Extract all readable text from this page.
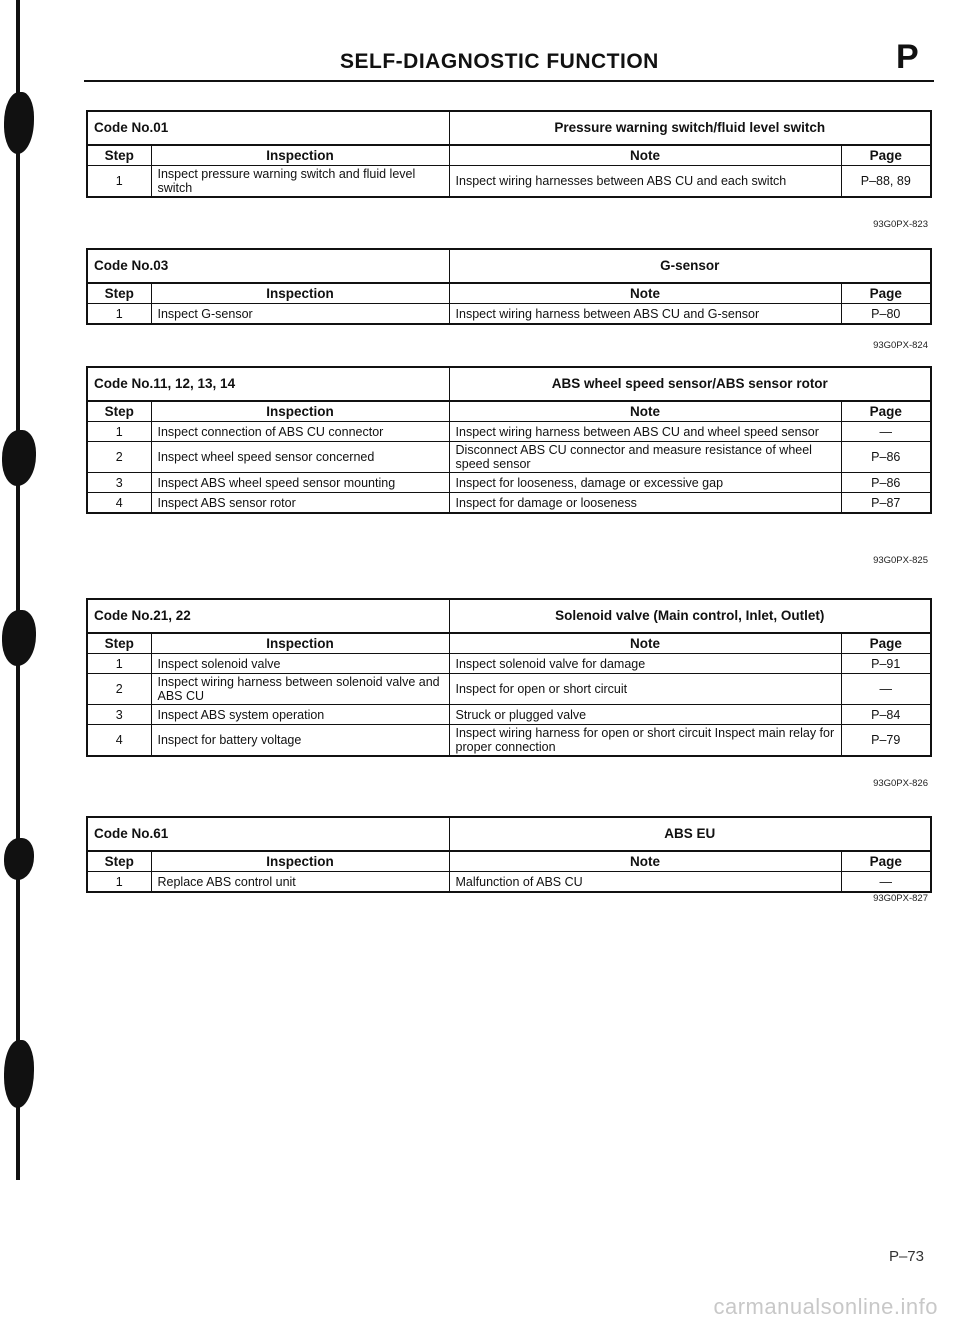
SELF-DIAGNOSTIC FUNCTION	P
Code No.01		Pressure warning switch/fluid level switch	
Step	Inspection	Note	Page
1	Inspect pressure warning switch and fluid level switch	Inspect wiring harnesses between ABS CU and each switch	P–88, 89
93G0PX-823
Code No.03		G-sensor	
Step	Inspection	Note	Page
1	Inspect G-sensor	Inspect wiring harness between ABS CU and G-sensor	P–80
93G0PX-824
Code No.11, 12, 13, 14		ABS wheel speed sensor/ABS sensor rotor	
Step	Inspection	Note	Page
1	Inspect connection of ABS CU connector	Inspect wiring harness between ABS CU and wheel speed sensor	—
2	Inspect wheel speed sensor concerned	Disconnect ABS CU connector and measure resistance of wheel speed sensor	P–86
3	Inspect ABS wheel speed sensor mounting	Inspect for looseness, damage or excessive gap	P–86
4	Inspect ABS sensor rotor	Inspect for damage or looseness	P–87
93G0PX-825
Code No.21, 22		Solenoid valve (Main control, Inlet, Outlet)	
Step	Inspection	Note	Page
1	Inspect solenoid valve	Inspect solenoid valve for damage	P–91
2	Inspect wiring harness between solenoid valve and ABS CU	Inspect for open or short circuit	—
3	Inspect ABS system operation	Struck or plugged valve	P–84
4	Inspect for battery voltage	Inspect wiring harness for open or short circuit Inspect main relay for proper connection	P–79
93G0PX-826
Code No.61		ABS EU	
Step	Inspection	Note	Page
1	Replace ABS control unit	Malfunction of ABS CU	—
93G0PX-827
P–73
carmanualsonline.info
